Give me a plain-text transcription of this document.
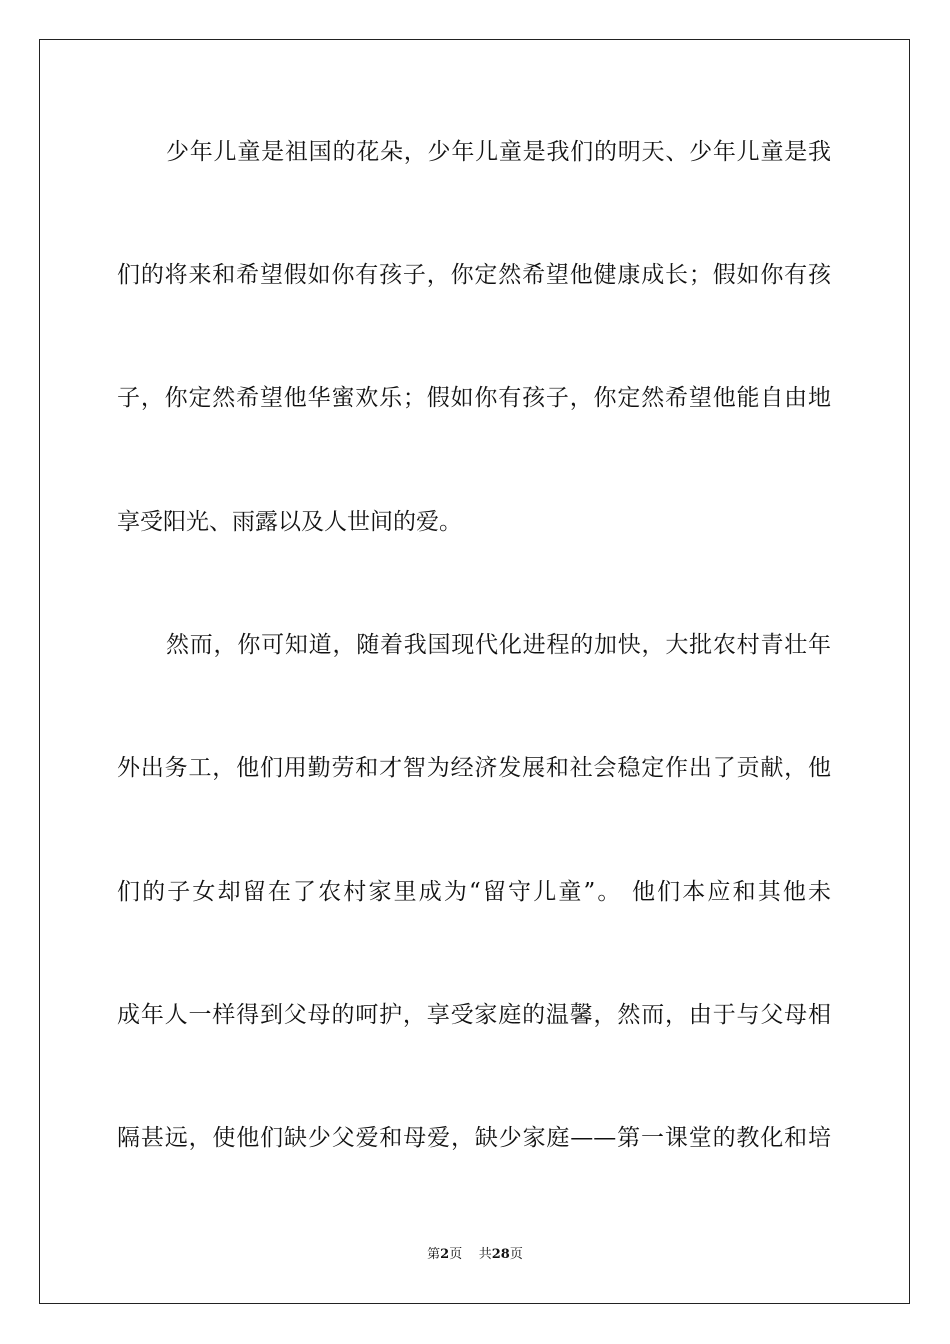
少年儿童是祖国的花朵，少年儿童是我们的明天、少年儿童是我
们的将来和希望假如你有孩子，你定然希望他健康成长；假如你有孩
子，你定然希望他华蜜欢乐；假如你有孩子，你定然希望他能自由地
享受阳光、雨露以及人世间的爱。
然而，你可知道，随着我国现代化进程的加快，大批农村青壮年
外出务工，他们用勤劳和才智为经济发展和社会稳定作出了贡献，他
们的子女却留在了农村家里成为“留守儿童”。 他们本应和其他未
成年人一样得到父母的呵护，享受家庭的温馨，然而，由于与父母相
隔甚远，使他们缺少父爱和母爱，缺少家庭——第一课堂的教化和培
第2页 共28页
